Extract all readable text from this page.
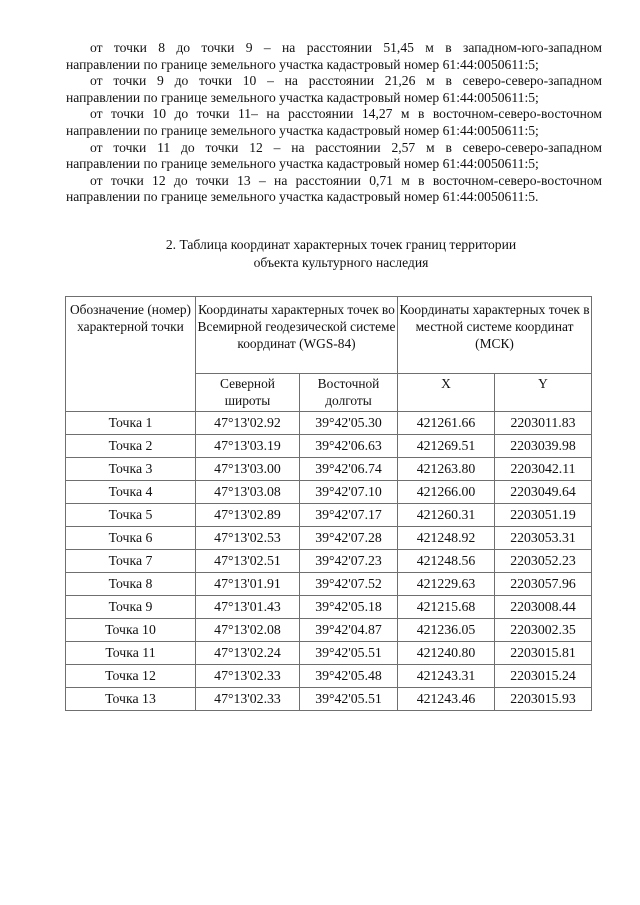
от точки 8 до точки 9 – на расстоянии 51,45 м в западном-юго-западном

направлении по границе земельного участка кадастровый номер 61:44:0050611:5;

от точки 9 до точки 10 – на расстоянии 21,26 м в северо-северо-западном

направлении по границе земельного участка кадастровый номер 61:44:0050611:5;

от точки 10 до точки 11– на расстоянии 14,27 м в восточном-северо-восточном

направлении по границе земельного участка кадастровый номер 61:44:0050611:5;

от точки 11 до точки 12 – на расстоянии 2,57 м в северо-северо-западном

направлении по границе земельного участка кадастровый номер 61:44:0050611:5;

от точки 12 до точки 13 – на расстоянии 0,71 м в восточном-северо-восточном

направлении по границе земельного участка кадастровый номер 61:44:0050611:5.

2. Таблица координат характерных точек границ территории
объекта культурного наследия
Обозначение (номер) характерной точки	Координаты характерных точек во Всемирной геодезической системе координат (WGS-84)		Координаты характерных точек в местной системе координат (МСК)	
	Северной широты	Восточной долготы	X	Y
Точка 1	47°13'02.92	39°42'05.30	421261.66	2203011.83
Точка 2	47°13'03.19	39°42'06.63	421269.51	2203039.98
Точка 3	47°13'03.00	39°42'06.74	421263.80	2203042.11
Точка 4	47°13'03.08	39°42'07.10	421266.00	2203049.64
Точка 5	47°13'02.89	39°42'07.17	421260.31	2203051.19
Точка 6	47°13'02.53	39°42'07.28	421248.92	2203053.31
Точка 7	47°13'02.51	39°42'07.23	421248.56	2203052.23
Точка 8	47°13'01.91	39°42'07.52	421229.63	2203057.96
Точка 9	47°13'01.43	39°42'05.18	421215.68	2203008.44
Точка 10	47°13'02.08	39°42'04.87	421236.05	2203002.35
Точка 11	47°13'02.24	39°42'05.51	421240.80	2203015.81
Точка 12	47°13'02.33	39°42'05.48	421243.31	2203015.24
Точка 13	47°13'02.33	39°42'05.51	421243.46	2203015.93
